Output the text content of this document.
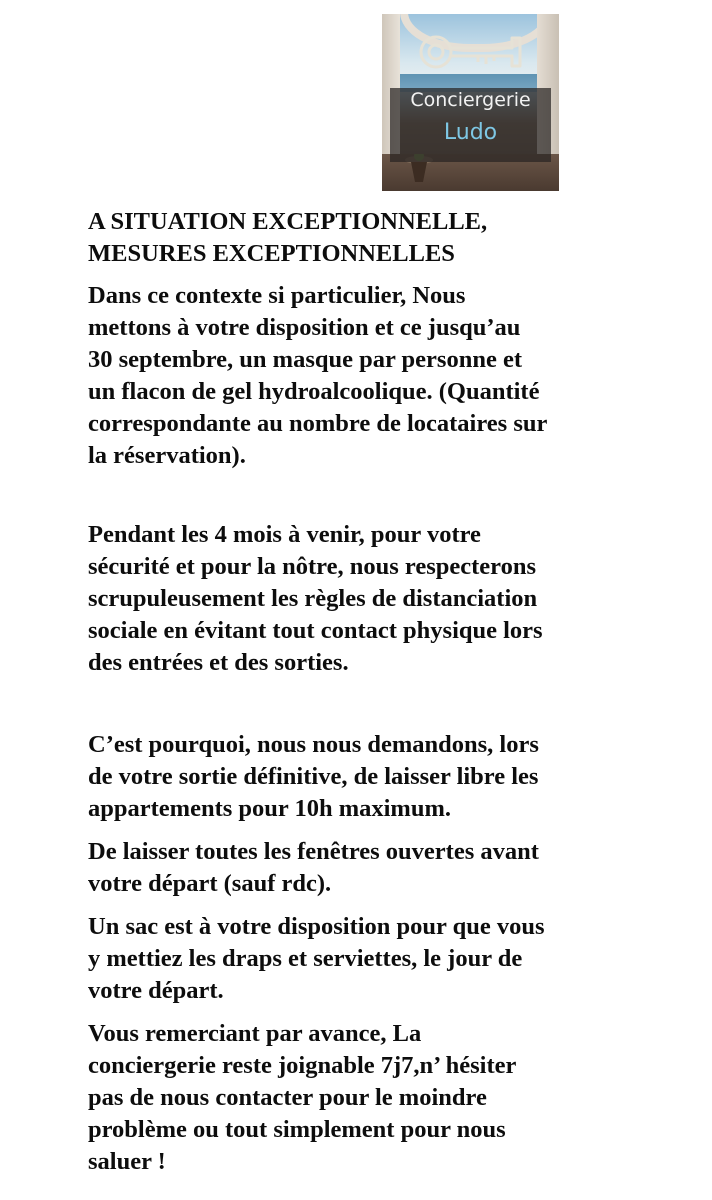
Conciergerie
Ludo
A SITUATION EXCEPTIONNELLE,
MESURES EXCEPTIONNELLES

Dans ce contexte si particulier, Nous
mettons à votre disposition et ce jusqu’au
30 septembre, un masque par personne et
un flacon de gel hydroalcoolique. (Quantité
correspondante au nombre de locataires sur
la réservation).

Pendant les 4 mois à venir, pour votre
sécurité et pour la nôtre, nous respecterons
scrupuleusement les règles de distanciation
sociale en évitant tout contact physique lors
des entrées et des sorties.

C’est pourquoi, nous nous demandons, lors
de votre sortie définitive, de laisser libre les
appartements pour 10h maximum.

De laisser toutes les fenêtres ouvertes avant
votre départ (sauf rdc).

Un sac est à votre disposition pour que vous
y mettiez les draps et serviettes, le jour de
votre départ.

Vous remerciant par avance, La
conciergerie reste joignable 7j7,n’ hésiter
pas de nous contacter pour le moindre
problème ou tout simplement pour nous
saluer !
